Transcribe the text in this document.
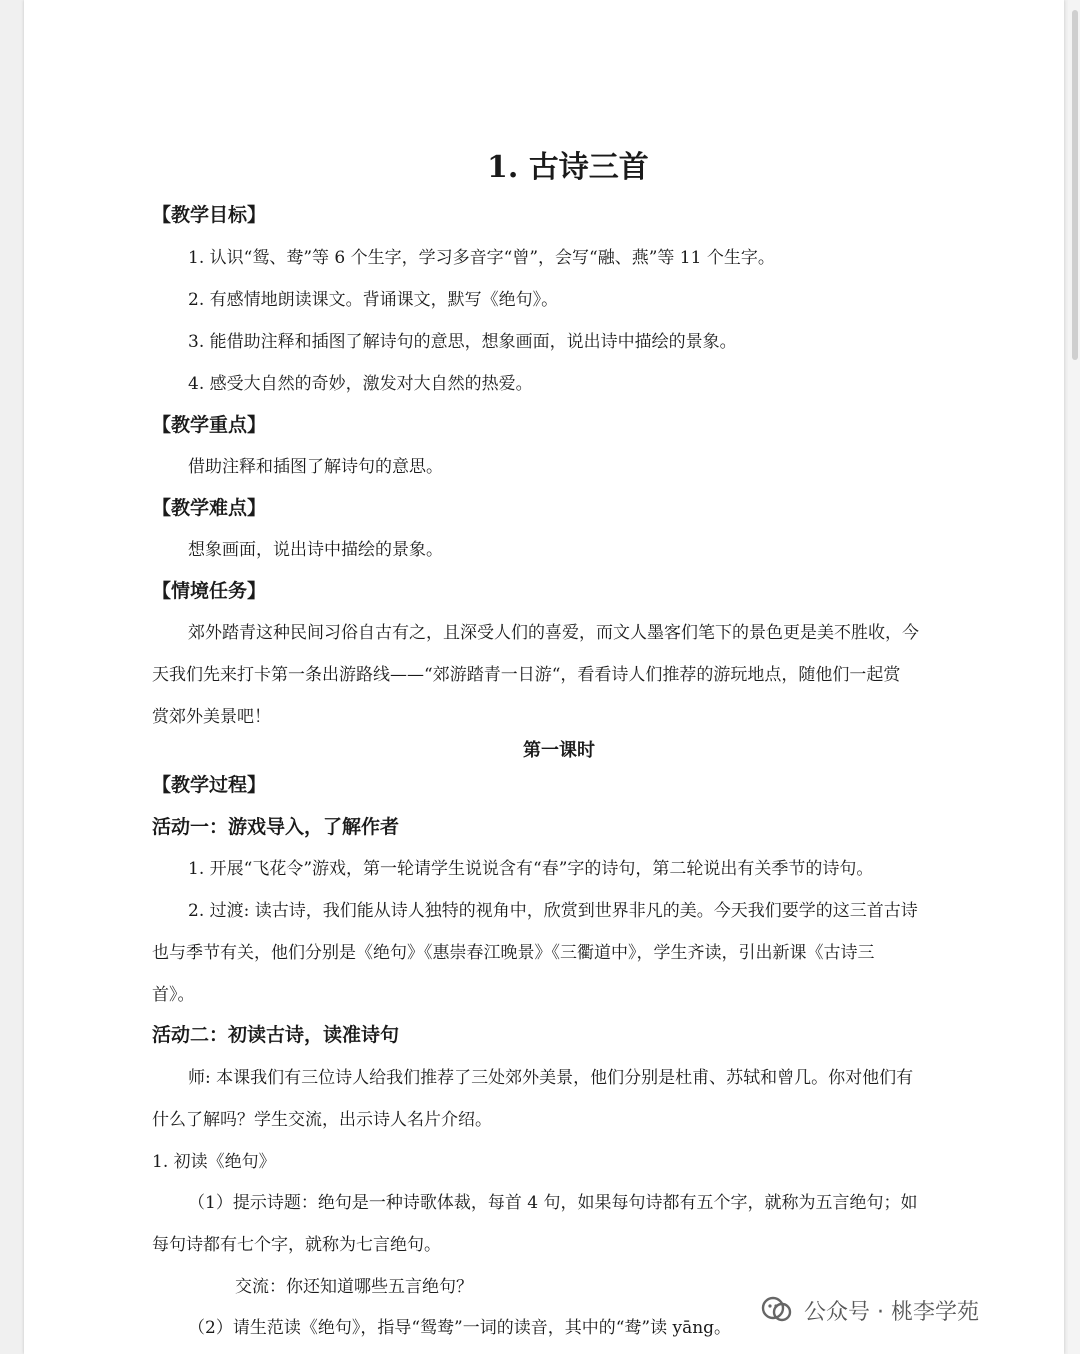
1. 古诗三首
【教学目标】
1. 认识“鸳、鸯”等 6 个生字，学习多音字“曾”，会写“融、燕”等 11 个生字。
2. 有感情地朗读课文。背诵课文，默写《绝句》。
3. 能借助注释和插图了解诗句的意思，想象画面，说出诗中描绘的景象。
4. 感受大自然的奇妙，激发对大自然的热爱。
【教学重点】
借助注释和插图了解诗句的意思。
【教学难点】
想象画面，说出诗中描绘的景象。
【情境任务】
郊外踏青这种民间习俗自古有之，且深受人们的喜爱，而文人墨客们笔下的景色更是美不胜收，今
天我们先来打卡第一条出游路线——“郊游踏青一日游“，看看诗人们推荐的游玩地点，随他们一起赏
赏郊外美景吧！
第一课时
【教学过程】
活动一：游戏导入，了解作者
1. 开展“飞花令”游戏，第一轮请学生说说含有“春”字的诗句，第二轮说出有关季节的诗句。
2. 过渡: 读古诗，我们能从诗人独特的视角中，欣赏到世界非凡的美。今天我们要学的这三首古诗
也与季节有关，他们分别是《绝句》《惠崇春江晚景》《三衢道中》，学生齐读，引出新课《古诗三
首》。
活动二：初读古诗，读准诗句
师: 本课我们有三位诗人给我们推荐了三处郊外美景，他们分别是杜甫、苏轼和曾几。你对他们有
什么了解吗？学生交流，出示诗人名片介绍。
1. 初读《绝句》
（1）提示诗题：绝句是一种诗歌体裁，每首 4 句，如果每句诗都有五个字，就称为五言绝句；如
每句诗都有七个字，就称为七言绝句。
交流：你还知道哪些五言绝句？
（2）请生范读《绝句》，指导“鸳鸯”一词的读音，其中的“鸯”读 yāng。
公众号 · 桃李学苑
